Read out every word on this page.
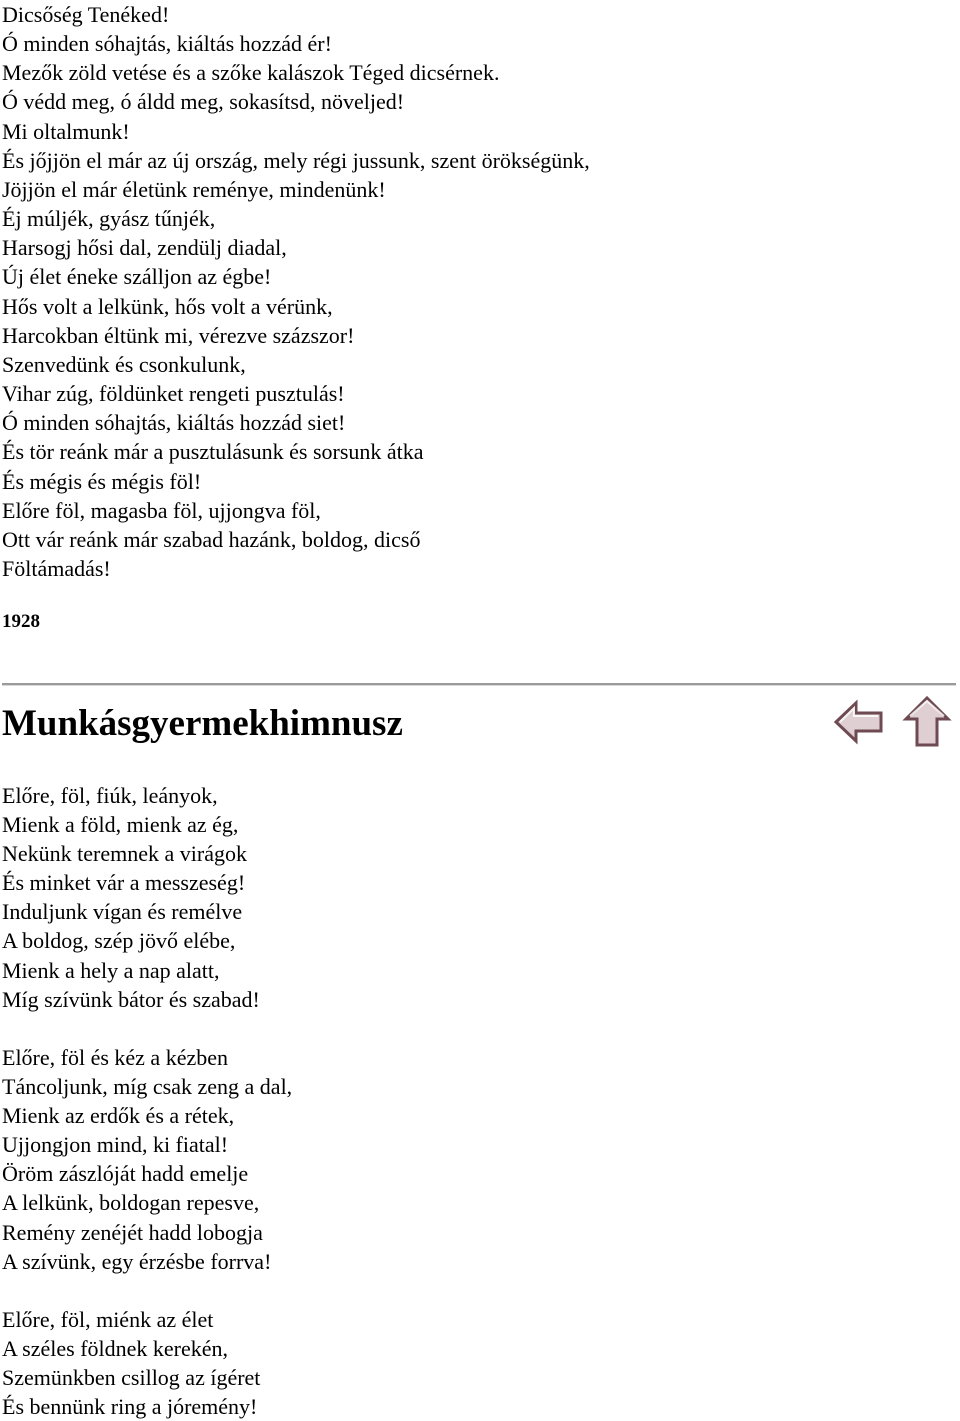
Dicsőség Tenéked!
Ó minden sóhajtás, kiáltás hozzád ér!
Mezők zöld vetése és a szőke kalászok Téged dicsérnek.
Ó védd meg, ó áldd meg, sokasítsd, növeljed!
Mi oltalmunk!
És jőjjön el már az új ország, mely régi jussunk, szent örökségünk,
Jöjjön el már életünk reménye, mindenünk!
Éj múljék, gyász tűnjék,
Harsogj hősi dal, zendülj diadal,
Új élet éneke szálljon az égbe!
Hős volt a lelkünk, hős volt a vérünk,
Harcokban éltünk mi, vérezve százszor!
Szenvedünk és csonkulunk,
Vihar zúg, földünket rengeti pusztulás!
Ó minden sóhajtás, kiáltás hozzád siet!
És tör reánk már a pusztulásunk és sorsunk átka
És mégis és mégis föl!
Előre föl, magasba föl, ujjongva föl,
Ott vár reánk már szabad hazánk, boldog, dicső
Föltámadás!
1928
Munkásgyermekhimnusz
Előre, föl, fiúk, leányok,
Mienk a föld, mienk az ég,
Nekünk teremnek a virágok
És minket vár a messzeség!
Induljunk vígan és remélve
A boldog, szép jövő elébe,
Mienk a hely a nap alatt,
Míg szívünk bátor és szabad!
Előre, föl és kéz a kézben
Táncoljunk, míg csak zeng a dal,
Mienk az erdők és a rétek,
Ujjongjon mind, ki fiatal!
Öröm zászlóját hadd emelje
A lelkünk, boldogan repesve,
Remény zenéjét hadd lobogja
A szívünk, egy érzésbe forrva!
Előre, föl, miénk az élet
A széles földnek kerekén,
Szemünkben csillog az ígéret
És bennünk ring a jóremény!
